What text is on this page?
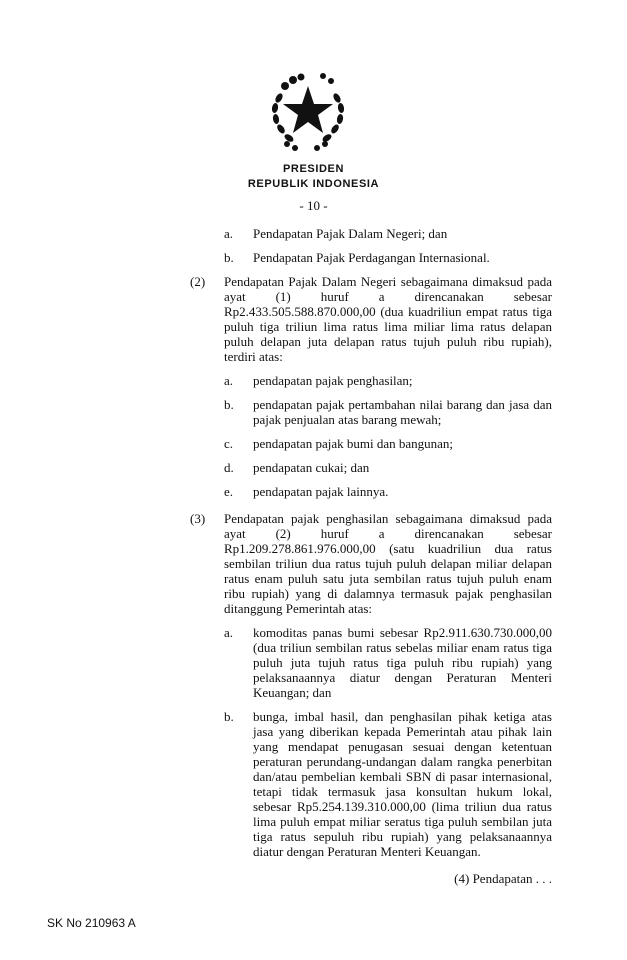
PRESIDEN
REPUBLIK INDONESIA
- 10 -
a. Pendapatan Pajak Dalam Negeri; dan
b. Pendapatan Pajak Perdagangan Internasional.
(2) Pendapatan Pajak Dalam Negeri sebagaimana dimaksud pada ayat (1) huruf a direncanakan sebesar Rp2.433.505.588.870.000,00 (dua kuadriliun empat ratus tiga puluh tiga triliun lima ratus lima miliar lima ratus delapan puluh delapan juta delapan ratus tujuh puluh ribu rupiah), terdiri atas:
a. pendapatan pajak penghasilan;
b. pendapatan pajak pertambahan nilai barang dan jasa dan pajak penjualan atas barang mewah;
c. pendapatan pajak bumi dan bangunan;
d. pendapatan cukai; dan
e. pendapatan pajak lainnya.
(3) Pendapatan pajak penghasilan sebagaimana dimaksud pada ayat (2) huruf a direncanakan sebesar Rp1.209.278.861.976.000,00 (satu kuadriliun dua ratus sembilan triliun dua ratus tujuh puluh delapan miliar delapan ratus enam puluh satu juta sembilan ratus tujuh puluh enam ribu rupiah) yang di dalamnya termasuk pajak penghasilan ditanggung Pemerintah atas:
a. komoditas panas bumi sebesar Rp2.911.630.730.000,00 (dua triliun sembilan ratus sebelas miliar enam ratus tiga puluh juta tujuh ratus tiga puluh ribu rupiah) yang pelaksanaannya diatur dengan Peraturan Menteri Keuangan; dan
b. bunga, imbal hasil, dan penghasilan pihak ketiga atas jasa yang diberikan kepada Pemerintah atau pihak lain yang mendapat penugasan sesuai dengan ketentuan peraturan perundang-undangan dalam rangka penerbitan dan/atau pembelian kembali SBN di pasar internasional, tetapi tidak termasuk jasa konsultan hukum lokal, sebesar Rp5.254.139.310.000,00 (lima triliun dua ratus lima puluh empat miliar seratus tiga puluh sembilan juta tiga ratus sepuluh ribu rupiah) yang pelaksanaannya diatur dengan Peraturan Menteri Keuangan.
(4) Pendapatan . . .
SK No 210963 A
